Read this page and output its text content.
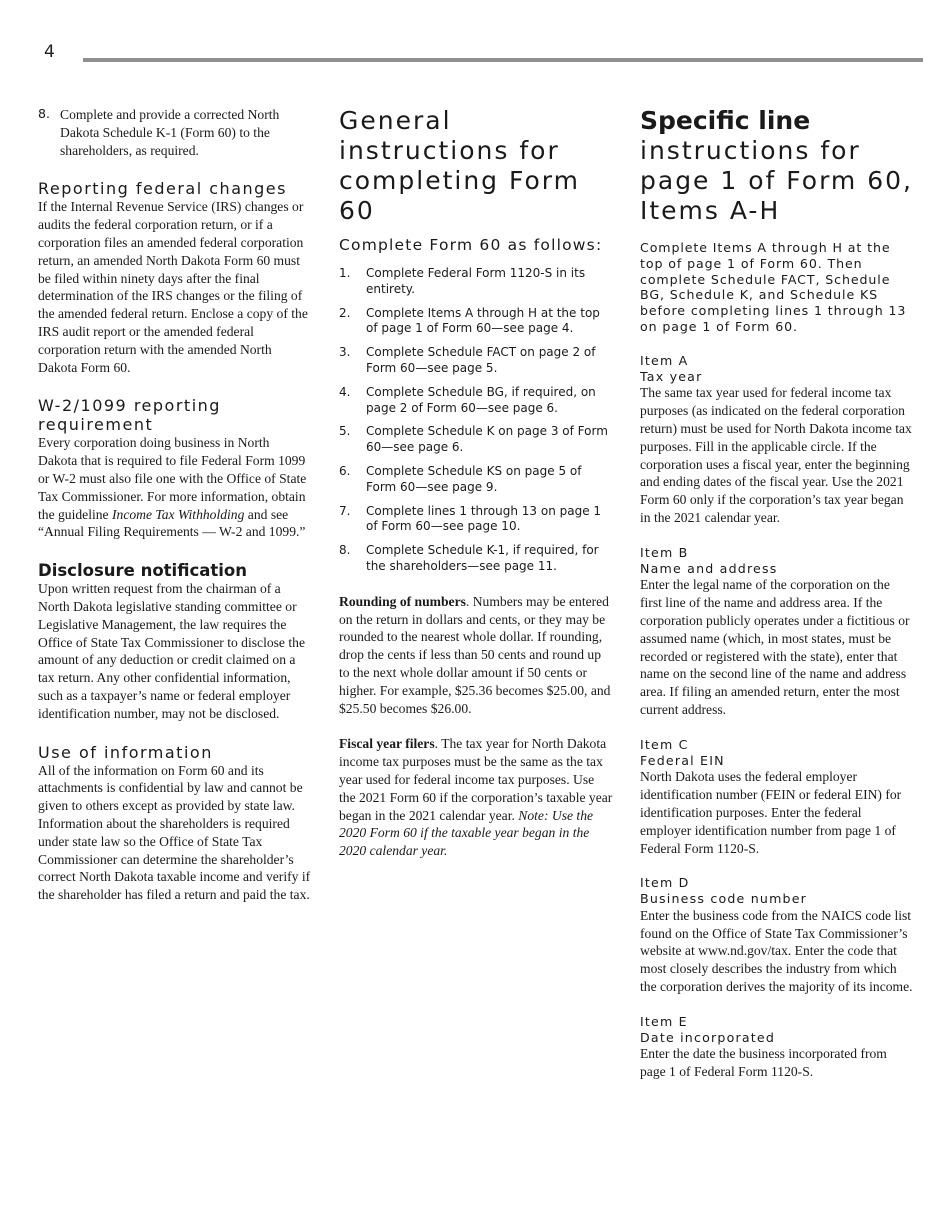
4
8. Complete and provide a corrected North Dakota Schedule K-1 (Form 60) to the shareholders, as required.

Reporting federal changes

If the Internal Revenue Service (IRS) changes or audits the federal corporation return, or if a corporation files an amended federal corporation return, an amended North Dakota Form 60 must be filed within ninety days after the final determination of the IRS changes or the filing of the amended federal return. Enclose a copy of the IRS audit report or the amended federal corporation return with the amended North Dakota Form 60.

W-2/1099 reporting requirement

Every corporation doing business in North Dakota that is required to file Federal Form 1099 or W-2 must also file one with the Office of State Tax Commissioner. For more information, obtain the guideline Income Tax Withholding and see “Annual Filing Requirements — W-2 and 1099.”

Disclosure notification

Upon written request from the chairman of a North Dakota legislative standing committee or Legislative Management, the law requires the Office of State Tax Commissioner to disclose the amount of any deduction or credit claimed on a tax return. Any other confidential information, such as a taxpayer’s name or federal employer identification number, may not be disclosed.

Use of information

All of the information on Form 60 and its attachments is confidential by law and cannot be given to others except as provided by state law. Information about the shareholders is required under state law so the Office of State Tax Commissioner can determine the shareholder’s correct North Dakota taxable income and verify if the shareholder has filed a return and paid the tax.

General instructions for completing Form 60
Complete Form 60 as follows:
1.	Complete Federal Form 1120-S in its entirety.
2.	Complete Items A through H at the top of page 1 of Form 60—see page 4.
3.	Complete Schedule FACT on page 2 of Form 60—see page 5.
4.	Complete Schedule BG, if required, on page 2 of Form 60—see page 6.
5.	Complete Schedule K on page 3 of Form 60—see page 6.
6.	Complete Schedule KS on page 5 of Form 60—see page 9.
7.	Complete lines 1 through 13 on page 1 of Form 60—see page 10.
8.	Complete Schedule K-1, if required, for the shareholders—see page 11.

Rounding of numbers. Numbers may be entered on the return in dollars and cents, or they may be rounded to the nearest whole dollar. If rounding, drop the cents if less than 50 cents and round up to the next whole dollar amount if 50 cents or higher. For example, $25.36 becomes $25.00, and $25.50 becomes $26.00.

Fiscal year filers. The tax year for North Dakota income tax purposes must be the same as the tax year used for federal income tax purposes. Use the 2021 Form 60 if the corporation’s taxable year began in the 2021 calendar year. Note: Use the 2020 Form 60 if the taxable year began in the 2020 calendar year.

Specific line
instructions for page 1 of Form 60, Items A-H

Complete Items A through H at the top of page 1 of Form 60. Then complete Schedule FACT, Schedule BG, Schedule K, and Schedule KS before completing lines 1 through 13 on page 1 of Form 60.

Item A

Tax year

The same tax year used for federal income tax purposes (as indicated on the federal corporation return) must be used for North Dakota income tax purposes. Fill in the applicable circle. If the corporation uses a fiscal year, enter the beginning and ending dates of the fiscal year. Use the 2021 Form 60 only if the corporation’s tax year began in the 2021 calendar year.

Item B

Name and address

Enter the legal name of the corporation on the first line of the name and address area. If the corporation publicly operates under a fictitious or assumed name (which, in most states, must be recorded or registered with the state), enter that name on the second line of the name and address area. If filing an amended return, enter the most current address.

Item C

Federal EIN

North Dakota uses the federal employer identification number (FEIN or federal EIN) for identification purposes. Enter the federal employer identification number from page 1 of Federal Form 1120-S.

Item D

Business code number

Enter the business code from the NAICS code list found on the Office of State Tax Commissioner’s website at www.nd.gov/tax. Enter the code that most closely describes the industry from which the corporation derives the majority of its income.

Item E

Date incorporated

Enter the date the business incorporated from page 1 of Federal Form 1120-S.
